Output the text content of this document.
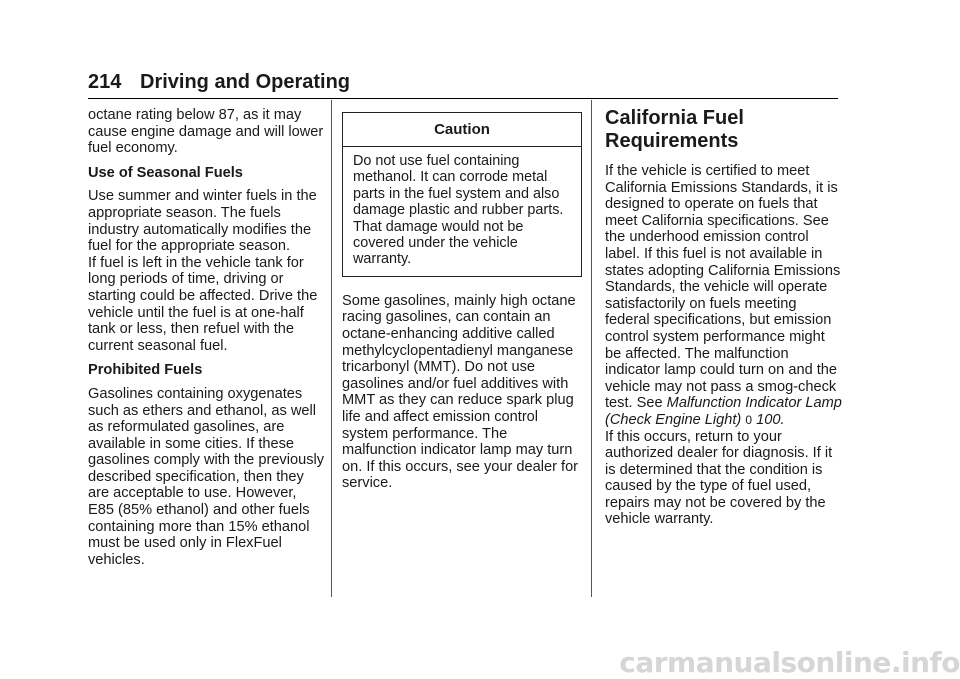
214 Driving and Operating

octane rating below 87, as it may cause engine damage and will lower fuel economy.

Use of Seasonal Fuels

Use summer and winter fuels in the appropriate season. The fuels industry automatically modifies the fuel for the appropriate season.

If fuel is left in the vehicle tank for long periods of time, driving or starting could be affected. Drive the vehicle until the fuel is at one-half tank or less, then refuel with the current seasonal fuel.

Prohibited Fuels

Gasolines containing oxygenates such as ethers and ethanol, as well as reformulated gasolines, are available in some cities. If these gasolines comply with the previously described specification, then they are acceptable to use. However, E85 (85% ethanol) and other fuels containing more than 15% ethanol must be used only in FlexFuel vehicles.

Caution
Do not use fuel containing methanol. It can corrode metal parts in the fuel system and also damage plastic and rubber parts. That damage would not be covered under the vehicle warranty.

Some gasolines, mainly high octane racing gasolines, can contain an octane-enhancing additive called methylcyclopentadienyl manganese tricarbonyl (MMT). Do not use gasolines and/or fuel additives with MMT as they can reduce spark plug life and affect emission control system performance. The malfunction indicator lamp may turn on. If this occurs, see your dealer for service.

California Fuel Requirements

If the vehicle is certified to meet California Emissions Standards, it is designed to operate on fuels that meet California specifications. See the underhood emission control label. If this fuel is not available in states adopting California Emissions Standards, the vehicle will operate satisfactorily on fuels meeting federal specifications, but emission control system performance might be affected. The malfunction indicator lamp could turn on and the vehicle may not pass a smog-check test. See Malfunction Indicator Lamp (Check Engine Light) 0 100.

If this occurs, return to your authorized dealer for diagnosis. If it is determined that the condition is caused by the type of fuel used, repairs may not be covered by the vehicle warranty.

carmanualsonline.info
